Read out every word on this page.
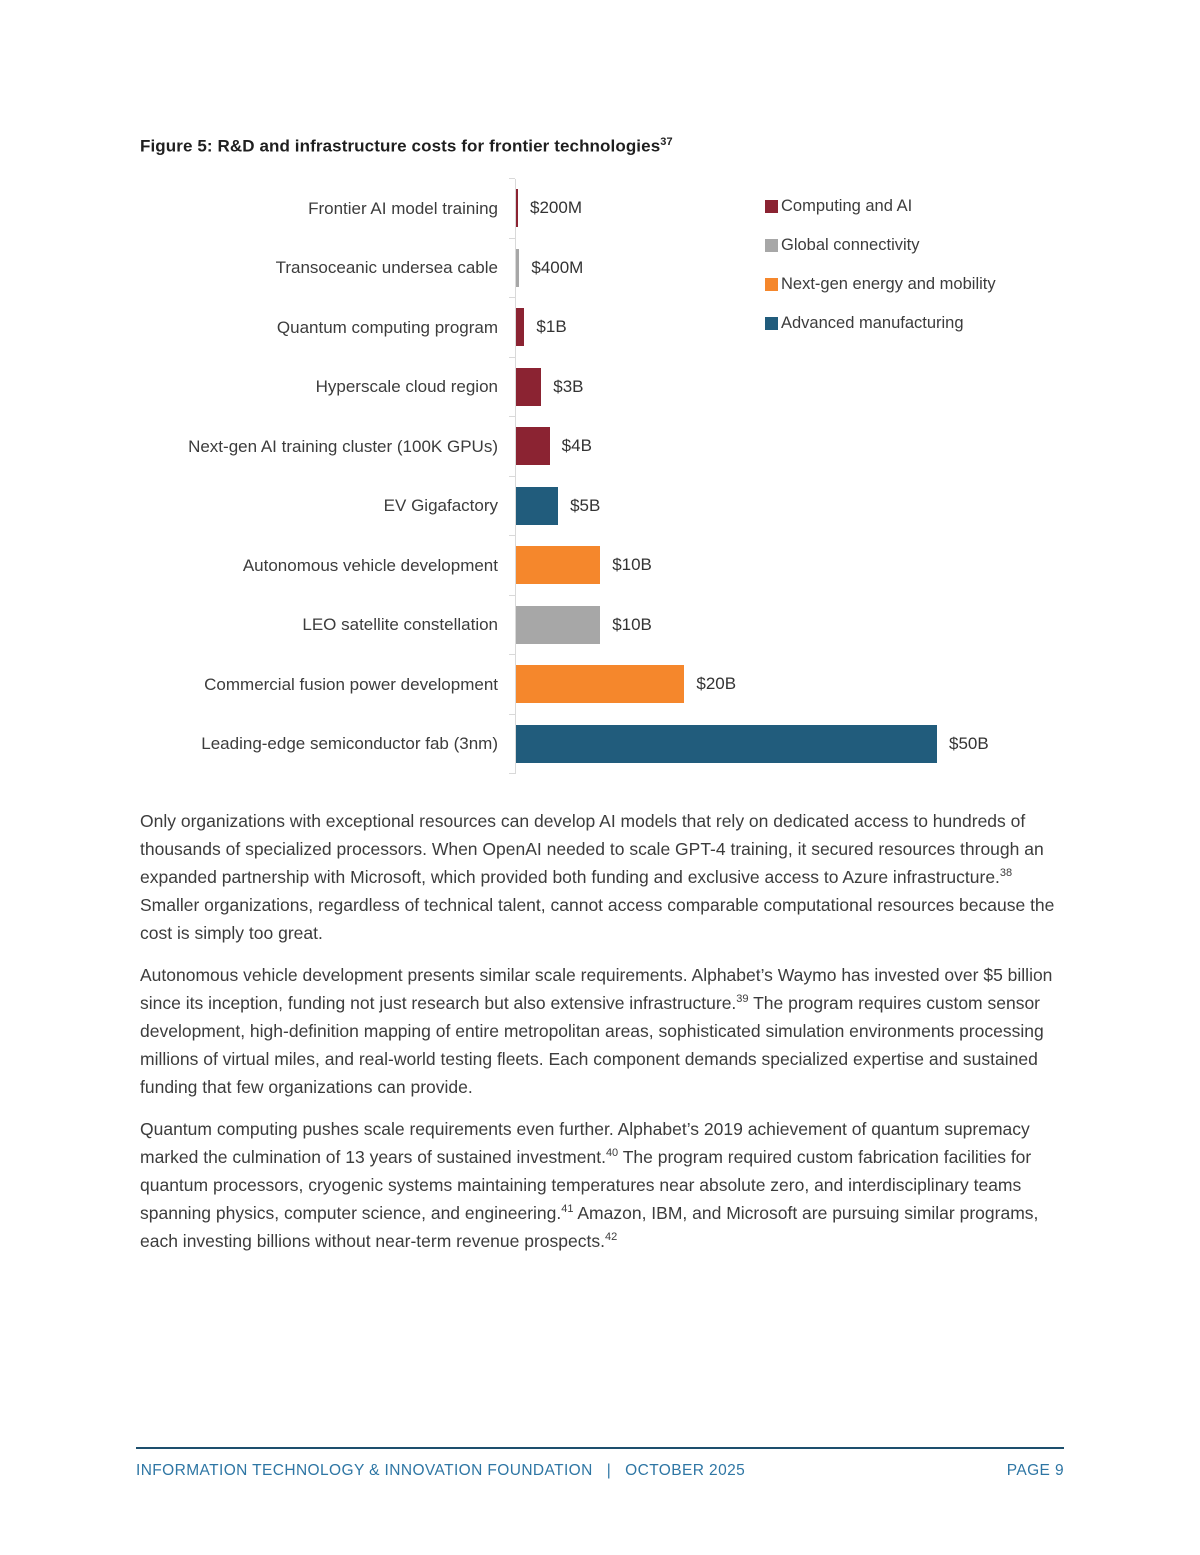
Figure 5: R&D and infrastructure costs for frontier technologies$^{37}$
Frontier AI model training	$200M
Transoceanic undersea cable	$400M
Quantum computing program	$1B
Hyperscale cloud region	$3B
Next-gen AI training cluster (100K GPUs)	$4B
EV Gigafactory	$5B
Autonomous vehicle development	$10B
LEO satellite constellation	$10B
Commercial fusion power development	$20B
Leading-edge semiconductor fab (3nm)	$50B
Computing and AI
Global connectivity
Next-gen energy and mobility
Advanced manufacturing

Only organizations with exceptional resources can develop AI models that rely on dedicated access to hundreds of thousands of specialized processors. When OpenAI needed to scale GPT-4 training, it secured resources through an expanded partnership with Microsoft, which provided both funding and exclusive access to Azure infrastructure.$^{38}$ Smaller organizations, regardless of technical talent, cannot access comparable computational resources because the cost is simply too great.

Autonomous vehicle development presents similar scale requirements. Alphabet’s Waymo has invested over $5 billion since its inception, funding not just research but also extensive infrastructure.$^{39}$ The program requires custom sensor development, high-definition mapping of entire metropolitan areas, sophisticated simulation environments processing millions of virtual miles, and real-world testing fleets. Each component demands specialized expertise and sustained funding that few organizations can provide.

Quantum computing pushes scale requirements even further. Alphabet’s 2019 achievement of quantum supremacy marked the culmination of 13 years of sustained investment.$^{40}$ The program required custom fabrication facilities for quantum processors, cryogenic systems maintaining temperatures near absolute zero, and interdisciplinary teams spanning physics, computer science, and engineering.$^{41}$ Amazon, IBM, and Microsoft are pursuing similar programs, each investing billions without near-term revenue prospects.$^{42}$

INFORMATION TECHNOLOGY & INNOVATION FOUNDATION | OCTOBER 2025	PAGE 9
